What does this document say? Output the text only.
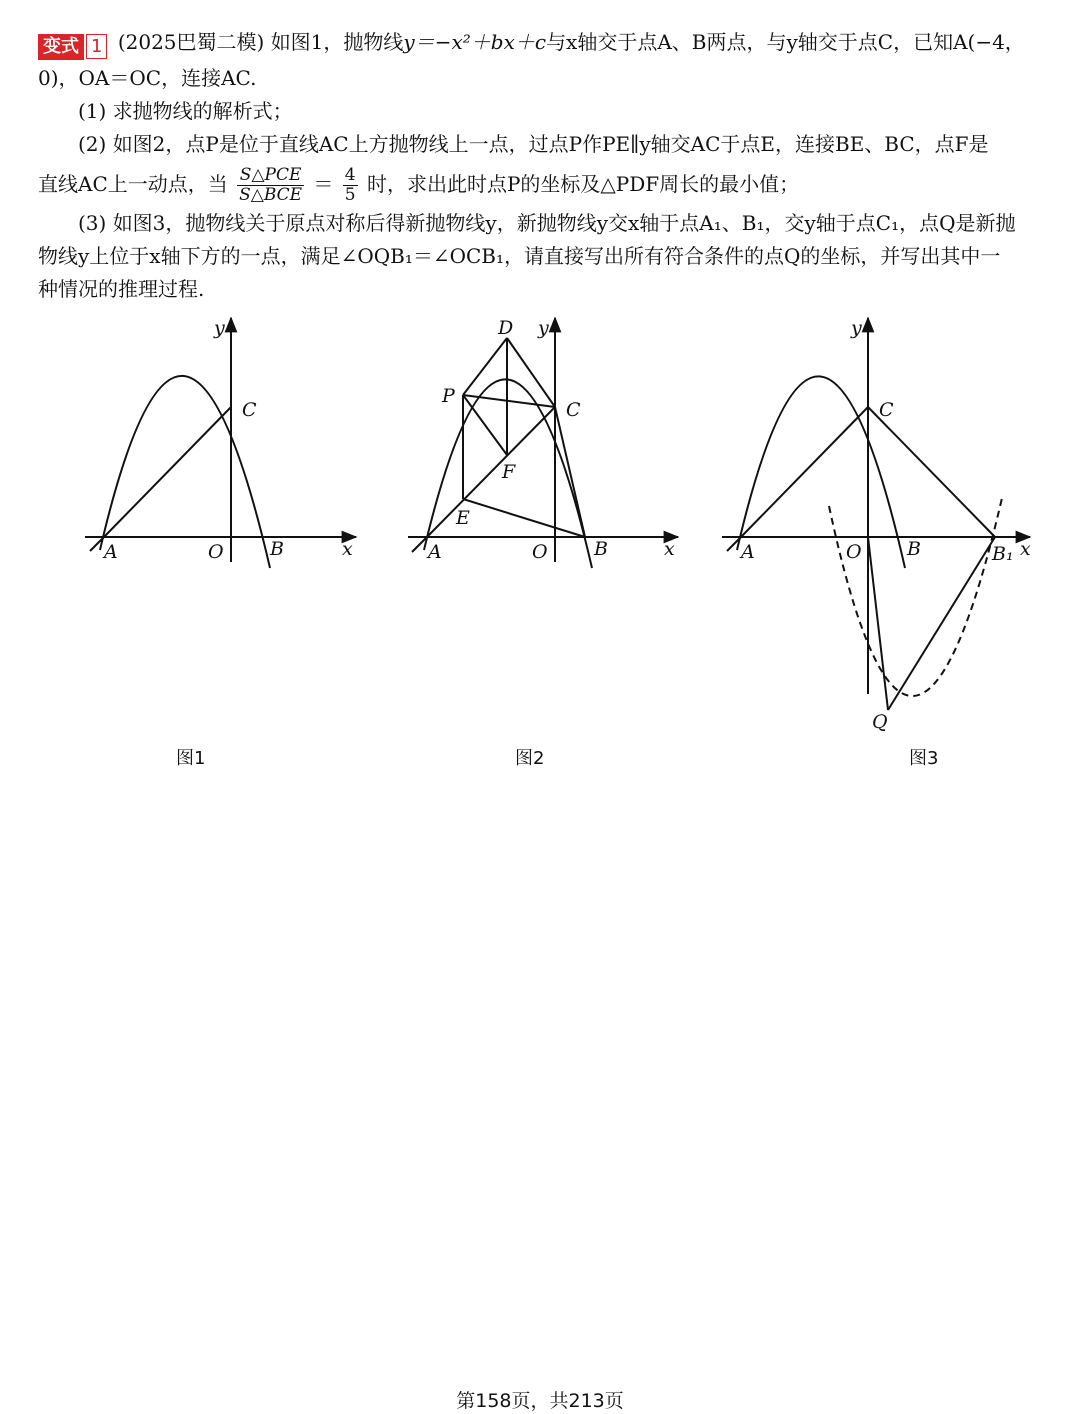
变式 1 (2025巴蜀二模) 如图1，抛物线y＝−x²＋bx＋c与x轴交于点A、B两点，与y轴交于点C，已知A(−4，

0)，OA＝OC，连接AC.

(1) 求抛物线的解析式；

(2) 如图2，点P是位于直线AC上方抛物线上一点，过点P作PE∥y轴交AC于点E，连接BE、BC，点F是

直线AC上一动点，当 $\frac{\text{S△PCE}}{\text{S△BCE}} = \frac{4}{5}$ 时，求出此时点P的坐标及△PDF周长的最小值；

(3) 如图3，抛物线关于原点对称后得新抛物线y，新抛物线y交x轴于点A₁、B₁，交y轴于点C₁，点Q是新抛

物线y上位于x轴下方的一点，满足∠OQB₁＝∠OCB₁，请直接写出所有符合条件的点Q的坐标，并写出其中一

种情况的推理过程.

y
x
A	O B
C
图1
y
x
A	O B
C
D
P
E
F
图2
y
x
A	O B
C
B₁
Q
图3
第158页，共213页
